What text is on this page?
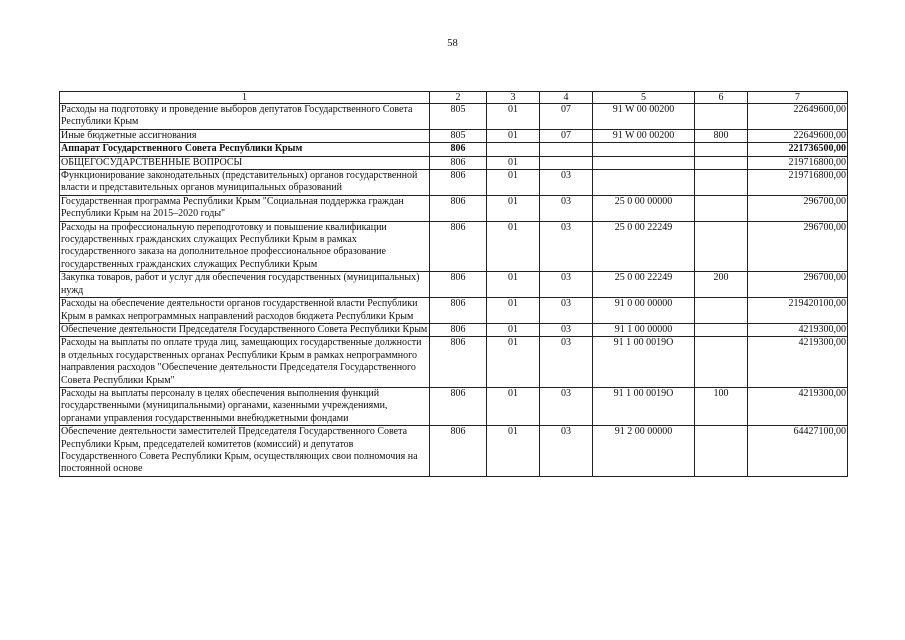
58
1	2	3	4	5	6	7
Расходы на подготовку и проведение выборов депутатов Государственного Совета Республики Крым	805	01	07	91 W 00 00200		22649600,00
Иные бюджетные ассигнования	805	01	07	91 W 00 00200	800	22649600,00
Аппарат Государственного Совета Республики Крым	806					221736500,00
ОБЩЕГОСУДАРСТВЕННЫЕ ВОПРОСЫ	806	01				219716800,00
Функционирование законодательных (представительных) органов государственной власти и представительных органов муниципальных образований	806	01	03			219716800,00
Государственная программа Республики Крым "Социальная поддержка граждан Республики Крым на 2015–2020 годы"	806	01	03	25 0 00 00000		296700,00
Расходы на профессиональную переподготовку и повышение квалификации государственных гражданских служащих Республики Крым в рамках государственного заказа на дополнительное профессиональное образование государственных гражданских служащих Республики Крым	806	01	03	25 0 00 22249		296700,00
Закупка товаров, работ и услуг для обеспечения государственных (муниципальных) нужд	806	01	03	25 0 00 22249	200	296700,00
Расходы на обеспечение деятельности органов государственной власти Республики Крым в рамках непрограммных направлений расходов бюджета Республики Крым	806	01	03	91 0 00 00000		219420100,00
Обеспечение деятельности Председателя Государственного Совета Республики Крым	806	01	03	91 1 00 00000		4219300,00
Расходы на выплаты по оплате труда лиц, замещающих государственные должности в отдельных государственных органах Республики Крым в рамках непрограммного направления расходов "Обеспечение деятельности Председателя Государственного Совета Республики Крым"	806	01	03	91 1 00 0019О		4219300,00
Расходы на выплаты персоналу в целях обеспечения выполнения функций государственными (муниципальными) органами, казенными учреждениями, органами управления государственными внебюджетными фондами	806	01	03	91 1 00 0019О	100	4219300,00
Обеспечение деятельности заместителей Председателя Государственного Совета Республики Крым, председателей комитетов (комиссий) и депутатов Государственного Совета Республики Крым, осуществляющих свои полномочия на постоянной основе	806	01	03	91 2 00 00000		64427100,00
